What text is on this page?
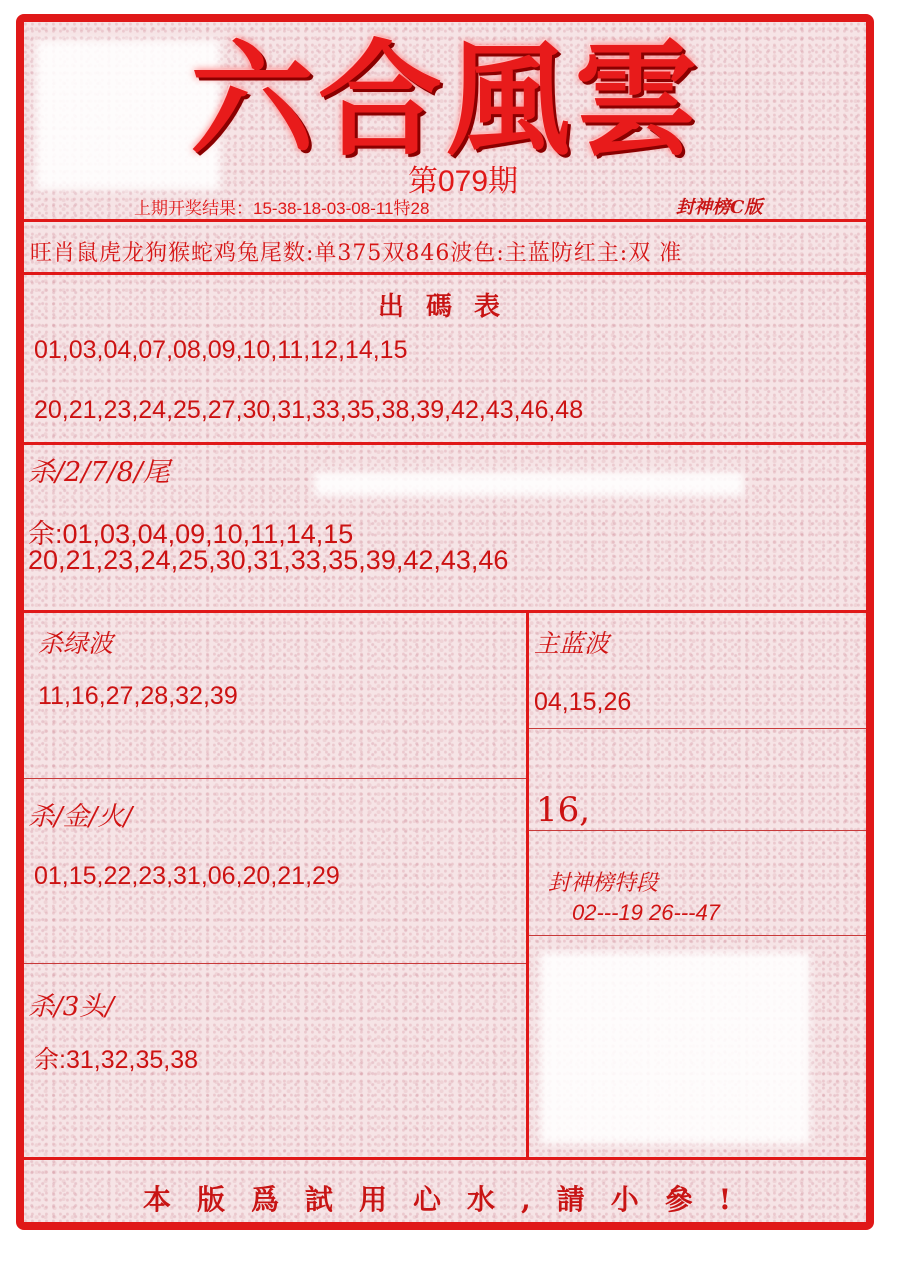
六合風雲
第079期
上期开奖结果：15-38-18-03-08-11特28	封神榜C版
旺肖鼠虎龙狗猴蛇鸡兔尾数:单375双846波色:主蓝防红主:双 准
出碼表
01,03,04,07,08,09,10,11,12,14,15
20,21,23,24,25,27,30,31,33,35,38,39,42,43,46,48
杀/2/7/8/尾
余:01,03,04,09,10,11,14,15
20,21,23,24,25,30,31,33,35,39,42,43,46
杀绿波
11,16,27,28,32,39
杀/金/火/
01,15,22,23,31,06,20,21,29
杀/3头/
余:31,32,35,38
主蓝波
04,15,26
16,
封神榜特段
02---19 26---47
本版爲試用心水,請小參!
